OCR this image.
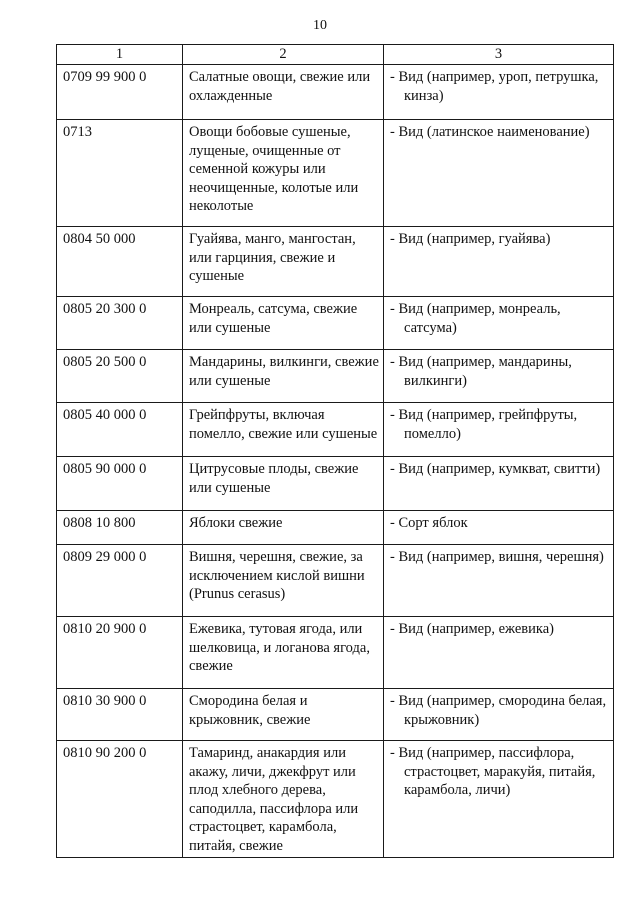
10
1	2	3
0709 99 900 0	Салатные овощи, свежие или охлажденные	- Вид (например, уроп, петрушка, кинза)

0713	Овощи бобовые сушеные, лущеные, очищенные от семенной кожуры или неочищенные, колотые или неколотые	- Вид (латинское наименование)

0804 50 000	Гуайява, манго, мангостан, или гарциния, свежие и сушеные	- Вид (например, гуайява)

0805 20 300 0	Монреаль, сатсума, свежие или сушеные	- Вид (например, монреаль, сатсума)

0805 20 500 0	Мандарины, вилкинги, свежие или сушеные	- Вид (например, мандарины, вилкинги)

0805 40 000 0	Грейпфруты, включая помелло, свежие или сушеные	- Вид (например, грейпфруты, помелло)

0805 90 000 0	Цитрусовые плоды, свежие или сушеные	- Вид (например, кумкват, свитти)

0808 10 800	Яблоки свежие	- Сорт яблок

0809 29 000 0	Вишня, черешня, свежие, за исключением кислой вишни (Prunus cerasus)	- Вид (например, вишня, черешня)

0810 20 900 0	Ежевика, тутовая ягода, или шелковица, и логанова ягода, свежие	- Вид (например, ежевика)

0810 30 900 0	Смородина белая и крыжовник, свежие	- Вид (например, смородина белая, крыжовник)

0810 90 200 0	Тамаринд, анакардия или акажу, личи, джекфрут или плод хлебного дерева, саподилла, пассифлора или страстоцвет, карамбола, питайя, свежие	- Вид (например, пассифлора, страстоцвет, маракуйя, питайя, карамбола, личи)
